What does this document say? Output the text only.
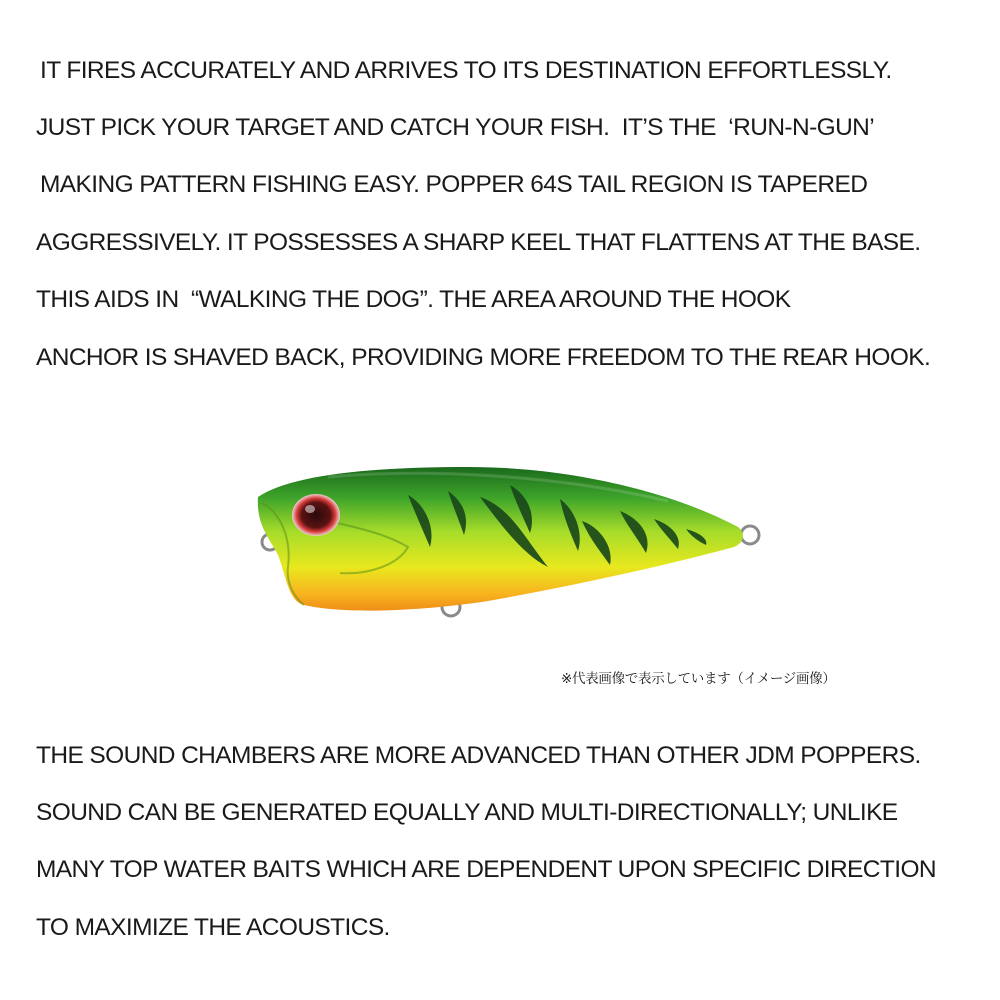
IT FIRES ACCURATELY AND ARRIVES TO ITS DESTINATION EFFORTLESSLY.
JUST PICK YOUR TARGET AND CATCH YOUR FISH.  IT’S THE  ‘RUN-N-GUN’
MAKING PATTERN FISHING EASY. POPPER 64S TAIL REGION IS TAPERED
AGGRESSIVELY. IT POSSESSES A SHARP KEEL THAT FLATTENS AT THE BASE.
THIS AIDS IN  “WALKING THE DOG”. THE AREA AROUND THE HOOK
ANCHOR IS SHAVED BACK, PROVIDING MORE FREEDOM TO THE REAR HOOK.
※代表画像で表示しています（イメージ画像）
THE SOUND CHAMBERS ARE MORE ADVANCED THAN OTHER JDM POPPERS.
SOUND CAN BE GENERATED EQUALLY AND MULTI-DIRECTIONALLY; UNLIKE
MANY TOP WATER BAITS WHICH ARE DEPENDENT UPON SPECIFIC DIRECTION
TO MAXIMIZE THE ACOUSTICS.
